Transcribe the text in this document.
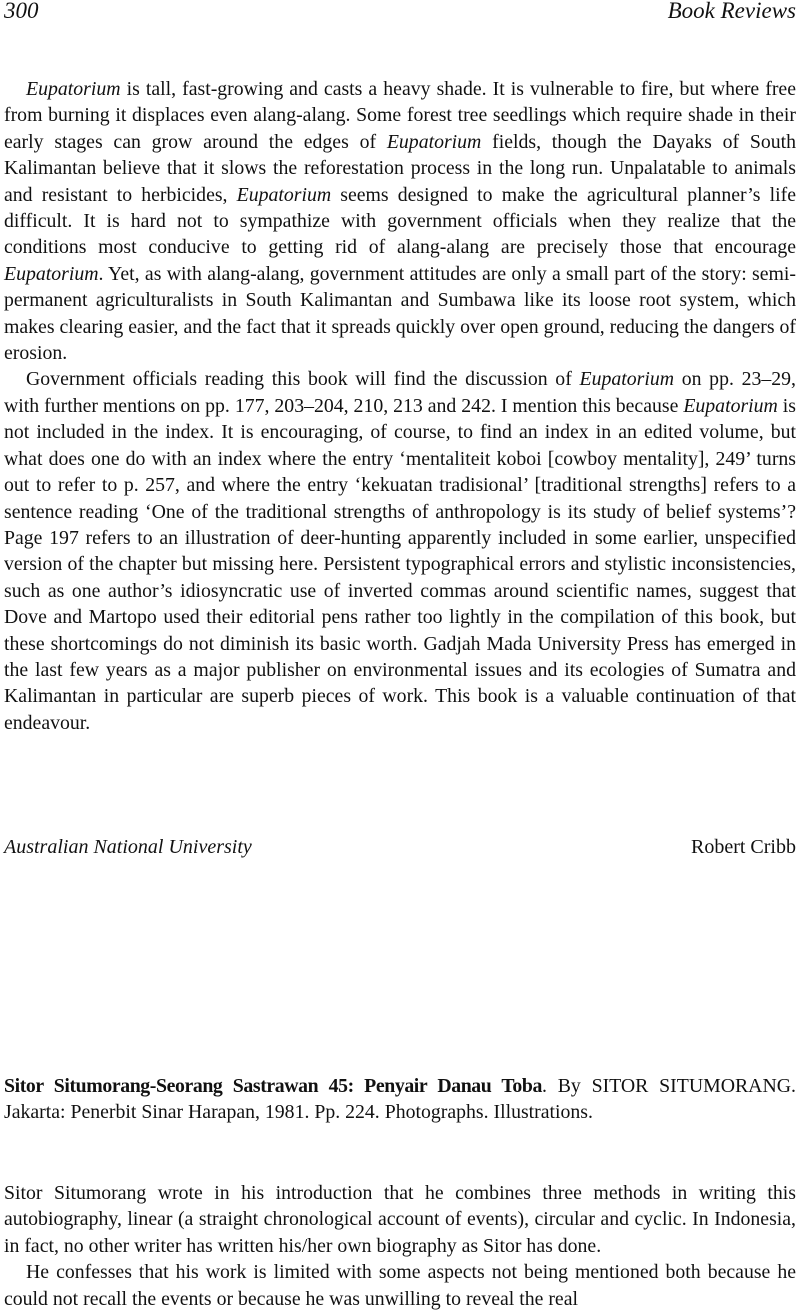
300	Book Reviews

Eupatorium is tall, fast-growing and casts a heavy shade. It is vulnerable to fire, but where free from burning it displaces even alang-alang. Some forest tree seedlings which require shade in their early stages can grow around the edges of Eupatorium fields, though the Dayaks of South Kalimantan believe that it slows the reforestation process in the long run. Unpalatable to animals and resistant to herbicides, Eupatorium seems designed to make the agricultural planner’s life difficult. It is hard not to sympathize with government officials when they realize that the conditions most conducive to getting rid of alang-alang are precisely those that encourage Eupatorium. Yet, as with alang-alang, government attitudes are only a small part of the story: semi-permanent agriculturalists in South Kalimantan and Sumbawa like its loose root system, which makes clearing easier, and the fact that it spreads quickly over open ground, reducing the dangers of erosion.

Government officials reading this book will find the discussion of Eupatorium on pp. 23–29, with further mentions on pp. 177, 203–204, 210, 213 and 242. I mention this because Eupatorium is not included in the index. It is encouraging, of course, to find an index in an edited volume, but what does one do with an index where the entry ‘mentaliteit koboi [cowboy mentality], 249’ turns out to refer to p. 257, and where the entry ‘kekuatan tradisional’ [traditional strengths] refers to a sentence reading ‘One of the traditional strengths of anthropology is its study of belief systems’? Page 197 refers to an illustration of deer-hunting apparently included in some earlier, unspecified version of the chapter but missing here. Persistent typographical errors and stylistic inconsistencies, such as one author’s idiosyncratic use of inverted commas around scientific names, suggest that Dove and Martopo used their editorial pens rather too lightly in the compilation of this book, but these shortcomings do not diminish its basic worth. Gadjah Mada University Press has emerged in the last few years as a major publisher on environmental issues and its ecologies of Sumatra and Kalimantan in particular are superb pieces of work. This book is a valuable continuation of that endeavour.

Australian National University	Robert Cribb
Sitor Situmorang-Seorang Sastrawan 45: Penyair Danau Toba. By SITOR SITUMORANG. Jakarta: Penerbit Sinar Harapan, 1981. Pp. 224. Photographs. Illustrations.

Sitor Situmorang wrote in his introduction that he combines three methods in writing this autobiography, linear (a straight chronological account of events), circular and cyclic. In Indonesia, in fact, no other writer has written his/her own biography as Sitor has done.

He confesses that his work is limited with some aspects not being mentioned both because he could not recall the events or because he was unwilling to reveal the real
